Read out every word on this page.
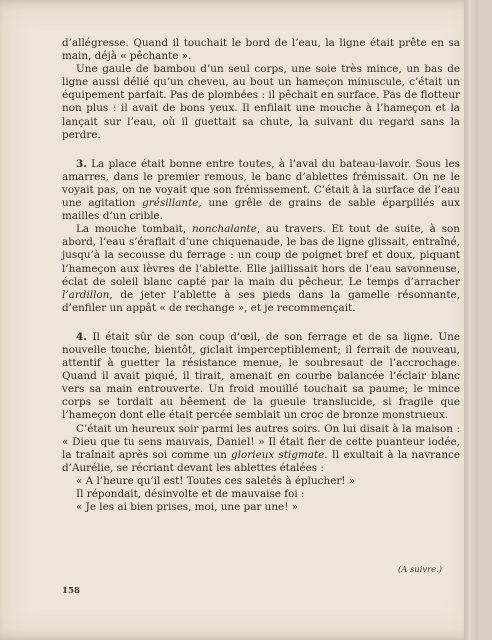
d’allégresse. Quand il touchait le bord de l’eau, la ligne était prête en sa main, déjà « pêchante ».

Une gaule de bambou d’un seul corps, une soie très mince, un bas de ligne aussi délié qu’un cheveu, au bout un hameçon minuscule, c’était un équipement parfait. Pas de plombées : il pêchait en surface. Pas de flotteur non plus : il avait de bons yeux. Il enfilait une mouche à l’hameçon et la lançait sur l’eau, où il guettait sa chute, la suivant du regard sans la perdre.

3. La place était bonne entre toutes, à l’aval du bateau-lavoir. Sous les amarres, dans le premier remous, le banc d’ablettes frémissait. On ne le voyait pas, on ne voyait que son frémissement. C’était à la surface de l’eau une agitation grésillante, une grêle de grains de sable éparpillés aux mailles d’un crible.

La mouche tombait, nonchalante, au travers. Et tout de suite, à son abord, l’eau s’éraflait d’une chiquenaude, le bas de ligne glissait, entraîné, jusqu’à la secousse du ferrage : un coup de poignet bref et doux, piquant l’hameçon aux lèvres de l’ablette. Elle jaillissait hors de l’eau savonneuse, éclat de soleil blanc capté par la main du pêcheur. Le temps d’arracher l’ardillon, de jeter l’ablette à ses pieds dans la gamelle résonnante, d’enfiler un appât « de rechange », et je recommençait.

4. Il était sûr de son coup d’œil, de son ferrage et de sa ligne. Une nouvelle touche, bientôt, giclait imperceptiblement; il ferrait de nouveau, attentif à guetter la résistance menue, le soubresaut de l’accrochage. Quand il avait piqué, il tirait, amenait en courbe balancée l’éclair blanc vers sa main entrouverte. Un froid mouillé touchait sa paume; le mince corps se tordait au bêement de la gueule translucide, si fragile que l’hameçon dont elle était percée semblait un croc de bronze monstrueux.

C’était un heureux soir parmi les autres soirs. On lui disait à la maison : « Dieu que tu sens mauvais, Daniel! » Il était fier de cette puanteur iodée, la traînait après soi comme un glorieux stigmate. Il exultait à la navrance d’Aurélie, se récriant devant les ablettes étalées :

« A l’heure qu’il est! Toutes ces saletés à éplucher! »

Il répondait, désinvolte et de mauvaise foi :

« Je les ai bien prises, moi, une par une! »

(A suivre.)
158
